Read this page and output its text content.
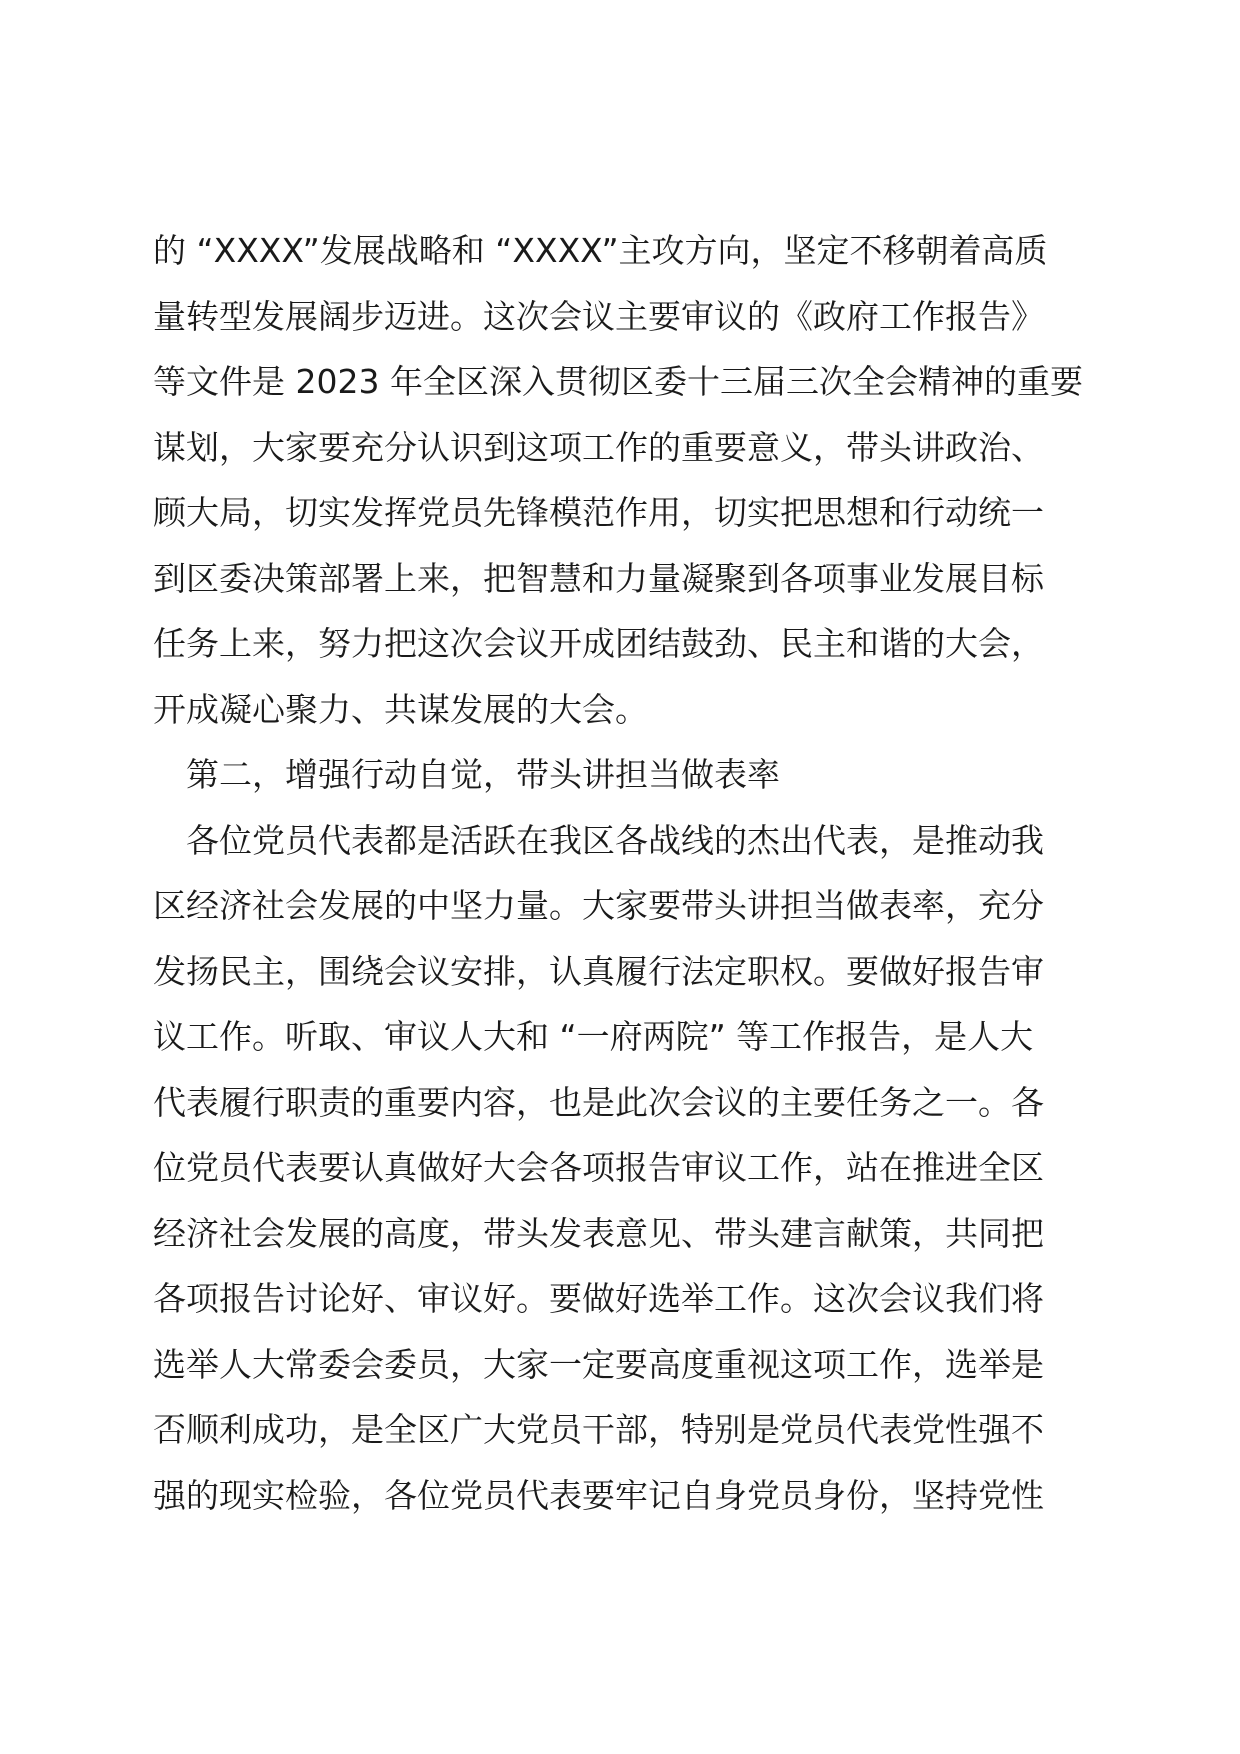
的 “XXXX”发展战略和 “XXXX”主攻方向，坚定不移朝着高质
量转型发展阔步迈进。这次会议主要审议的《政府工作报告》
等文件是 2023 年全区深入贯彻区委十三届三次全会精神的重要
谋划，大家要充分认识到这项工作的重要意义，带头讲政治、
顾大局，切实发挥党员先锋模范作用，切实把思想和行动统一
到区委决策部署上来，把智慧和力量凝聚到各项事业发展目标
任务上来，努力把这次会议开成团结鼓劲、民主和谐的大会，
开成凝心聚力、共谋发展的大会。
第二，增强行动自觉，带头讲担当做表率
各位党员代表都是活跃在我区各战线的杰出代表，是推动我
区经济社会发展的中坚力量。大家要带头讲担当做表率，充分
发扬民主，围绕会议安排，认真履行法定职权。要做好报告审
议工作。听取、审议人大和 “一府两院” 等工作报告，是人大
代表履行职责的重要内容，也是此次会议的主要任务之一。各
位党员代表要认真做好大会各项报告审议工作，站在推进全区
经济社会发展的高度，带头发表意见、带头建言献策，共同把
各项报告讨论好、审议好。要做好选举工作。这次会议我们将
选举人大常委会委员，大家一定要高度重视这项工作，选举是
否顺利成功，是全区广大党员干部，特别是党员代表党性强不
强的现实检验，各位党员代表要牢记自身党员身份，坚持党性
